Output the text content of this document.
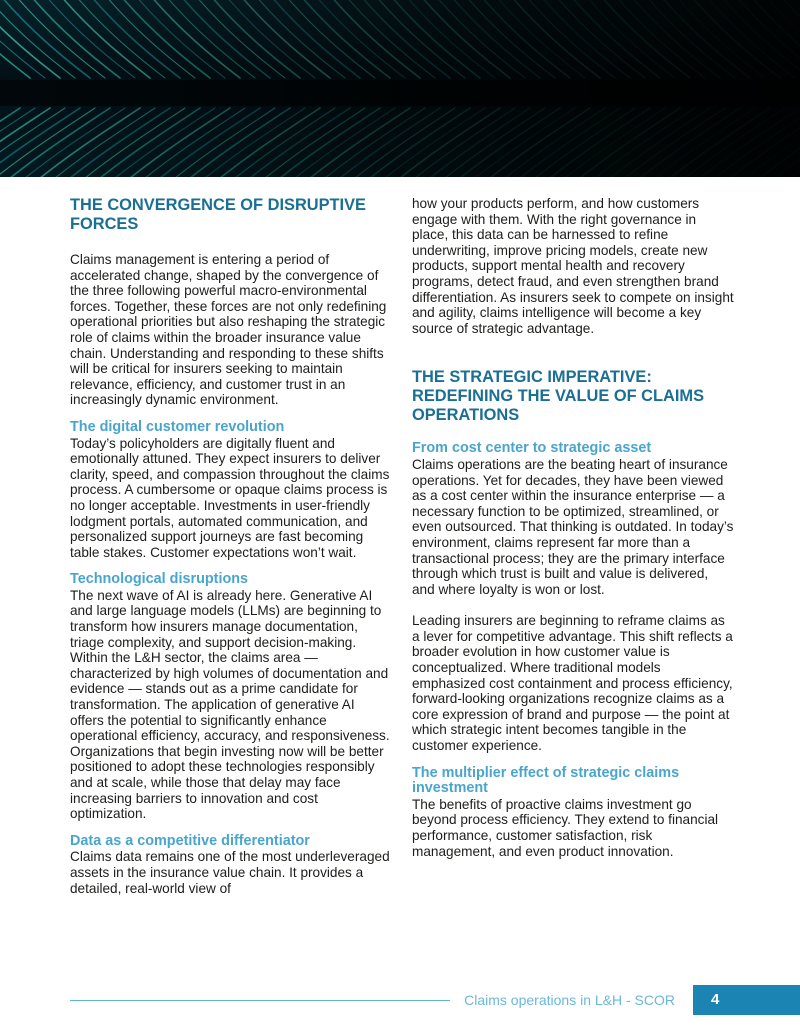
THE CONVERGENCE OF DISRUPTIVE FORCES

Claims management is entering a period of accelerated change, shaped by the convergence of the three following powerful macro-environmental forces. Together, these forces are not only redefining operational priorities but also reshaping the strategic role of claims within the broader insurance value chain. Understanding and responding to these shifts will be critical for insurers seeking to maintain relevance, efficiency, and customer trust in an increasingly dynamic environment.

The digital customer revolution

Today’s policyholders are digitally fluent and emotionally attuned. They expect insurers to deliver clarity, speed, and compassion throughout the claims process. A cumbersome or opaque claims process is no longer acceptable. Investments in user-friendly lodgment portals, automated communication, and personalized support journeys are fast becoming table stakes. Customer expectations won’t wait.

Technological disruptions

The next wave of AI is already here. Generative AI and large language models (LLMs) are beginning to transform how insurers manage documentation, triage complexity, and support decision-making. Within the L&H sector, the claims area — characterized by high volumes of documentation and evidence — stands out as a prime candidate for transformation. The application of generative AI offers the potential to significantly enhance operational efficiency, accuracy, and responsiveness. Organizations that begin investing now will be better positioned to adopt these technologies responsibly and at scale, while those that delay may face increasing barriers to innovation and cost optimization.

Data as a competitive differentiator

Claims data remains one of the most underleveraged assets in the insurance value chain. It provides a detailed, real-world view of

how your products perform, and how customers engage with them. With the right governance in place, this data can be harnessed to refine underwriting, improve pricing models, create new products, support mental health and recovery programs, detect fraud, and even strengthen brand differentiation. As insurers seek to compete on insight and agility, claims intelligence will become a key source of strategic advantage.

THE STRATEGIC IMPERATIVE: REDEFINING THE VALUE OF CLAIMS OPERATIONS
From cost center to strategic asset

Claims operations are the beating heart of insurance operations. Yet for decades, they have been viewed as a cost center within the insurance enterprise — a necessary function to be optimized, streamlined, or even outsourced. That thinking is outdated. In today’s environment, claims represent far more than a transactional process; they are the primary interface through which trust is built and value is delivered, and where loyalty is won or lost.

Leading insurers are beginning to reframe claims as a lever for competitive advantage. This shift reflects a broader evolution in how customer value is conceptualized. Where traditional models emphasized cost containment and process efficiency, forward-looking organizations recognize claims as a core expression of brand and purpose — the point at which strategic intent becomes tangible in the customer experience.

The multiplier effect of strategic claims investment

The benefits of proactive claims investment go beyond process efficiency. They extend to financial performance, customer satisfaction, risk management, and even product innovation.

Claims operations in L&H - SCOR	4
